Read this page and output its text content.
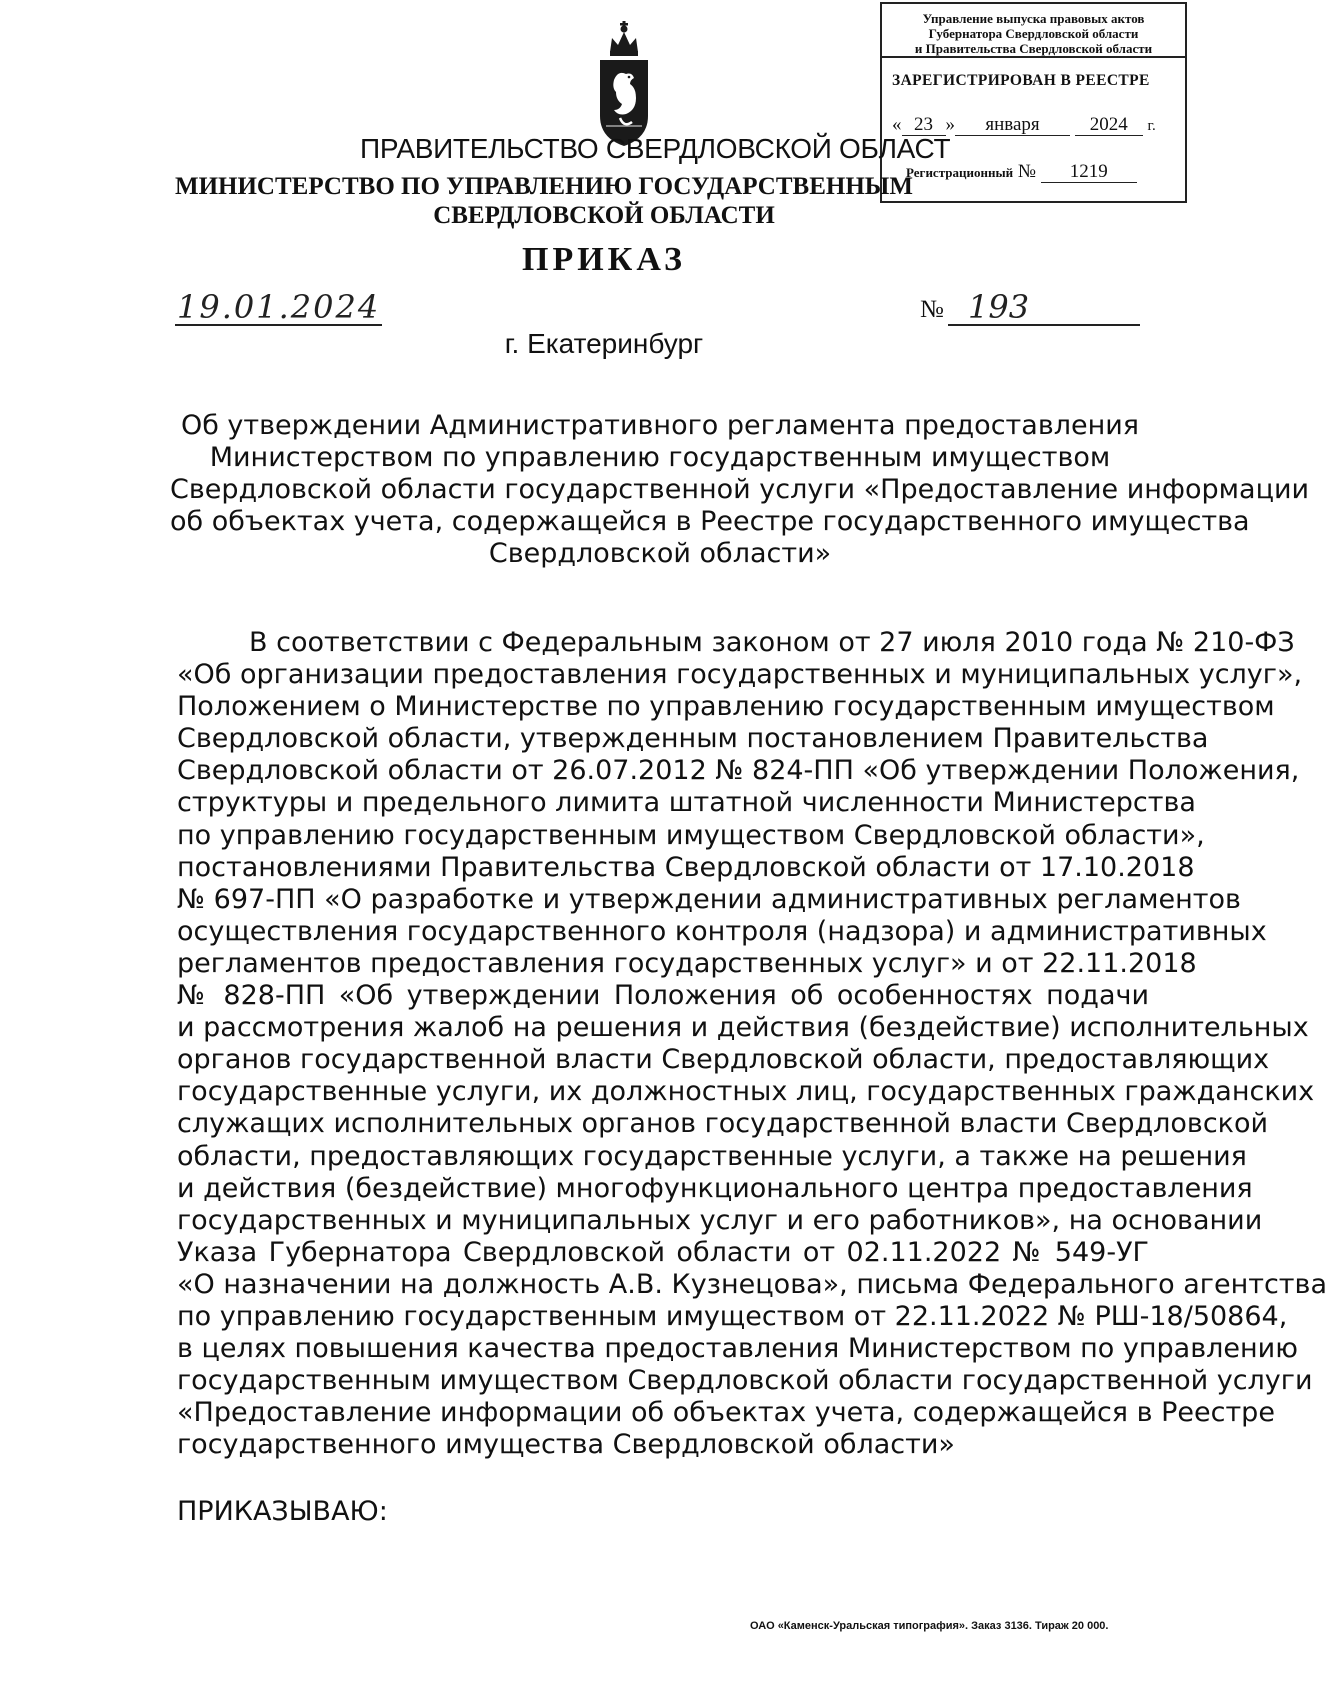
Управление выпуска правовых актов
Губернатора Свердловской области
и Правительства Свердловской области
ЗАРЕГИСТРИРОВАН В РЕЕСТРЕ
« 23 » января	2024 г.
Регистрационный № 1219
ПРАВИТЕЛЬСТВО СВЕРДЛОВСКОЙ ОБЛАСТ
МИНИСТЕРСТВО ПО УПРАВЛЕНИЮ ГОСУДАРСТВЕННЫМ
СВЕРДЛОВСКОЙ ОБЛАСТИ
ПРИКАЗ
19.01.2024	№ 193
г. Екатеринбург
Об утверждении Административного регламента предоставления
Министерством по управлению государственным имуществом
Свердловской области государственной услуги «Предоставление информации
об объектах учета, содержащейся в Реестре государственного имущества
Свердловской области»
В соответствии с Федеральным законом от 27 июля 2010 года № 210-ФЗ
«Об организации предоставления государственных и муниципальных услуг»,
Положением о Министерстве по управлению государственным имуществом
Свердловской области, утвержденным постановлением Правительства
Свердловской области от 26.07.2012 № 824-ПП «Об утверждении Положения,
структуры и предельного лимита штатной численности Министерства
по управлению государственным имуществом Свердловской области»,
постановлениями Правительства Свердловской области от 17.10.2018
№ 697-ПП «О разработке и утверждении административных регламентов
осуществления государственного контроля (надзора) и административных
регламентов предоставления государственных услуг» и от 22.11.2018
№ 828-ПП «Об утверждении Положения об особенностях подачи
и рассмотрения жалоб на решения и действия (бездействие) исполнительных
органов государственной власти Свердловской области, предоставляющих
государственные услуги, их должностных лиц, государственных гражданских
служащих исполнительных органов государственной власти Свердловской
области, предоставляющих государственные услуги, а также на решения
и действия (бездействие) многофункционального центра предоставления
государственных и муниципальных услуг и его работников», на основании
Указа Губернатора Свердловской области от 02.11.2022 № 549-УГ
«О назначении на должность А.В. Кузнецова», письма Федерального агентства
по управлению государственным имуществом от 22.11.2022 № РШ-18/50864,
в целях повышения качества предоставления Министерством по управлению
государственным имуществом Свердловской области государственной услуги
«Предоставление информации об объектах учета, содержащейся в Реестре
государственного имущества Свердловской области»
ПРИКАЗЫВАЮ:
ОАО «Каменск-Уральская типография». Заказ 3136. Тираж 20 000.
